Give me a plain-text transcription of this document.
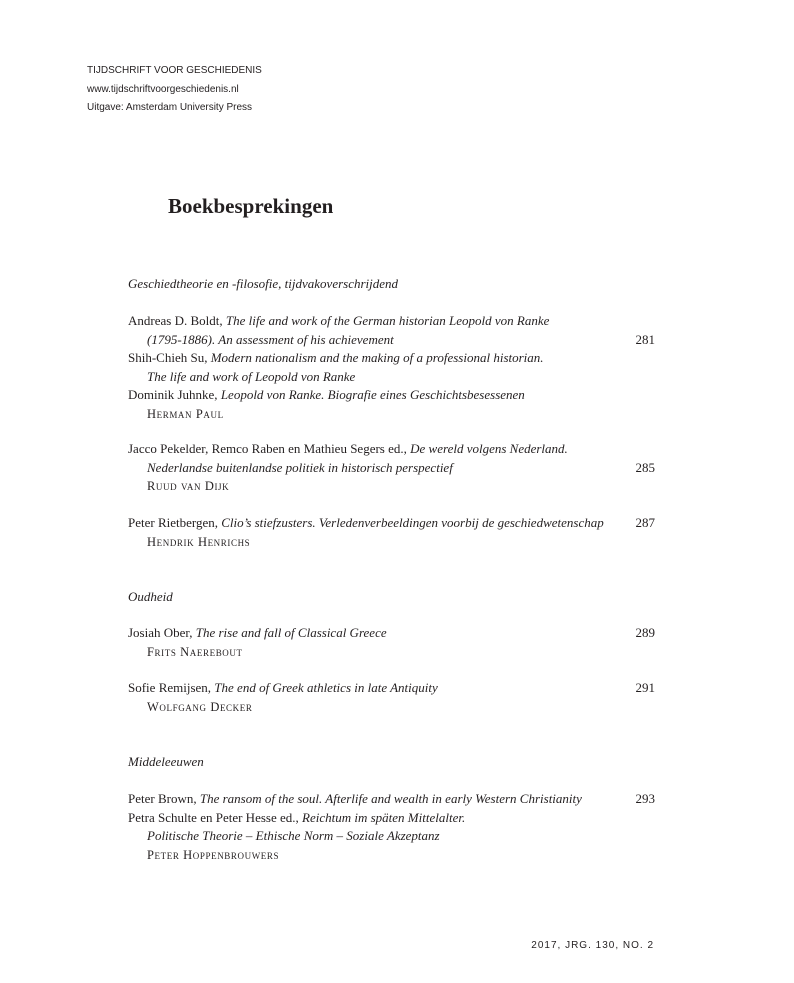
TIJDSCHRIFT VOOR GESCHIEDENIS
www.tijdschriftvoorgeschiedenis.nl
Uitgave: Amsterdam University Press
Boekbesprekingen
Geschiedtheorie en -filosofie, tijdvakoverschrijdend
Andreas D. Boldt, The life and work of the German historian Leopold von Ranke
(1795-1886). An assessment of his achievement	281
Shih-Chieh Su, Modern nationalism and the making of a professional historian.
The life and work of Leopold von Ranke
Dominik Juhnke, Leopold von Ranke. Biografie eines Geschichtsbesessenen
Herman Paul
Jacco Pekelder, Remco Raben en Mathieu Segers ed., De wereld volgens Nederland.
Nederlandse buitenlandse politiek in historisch perspectief	285
Ruud van Dijk
Peter Rietbergen, Clio’s stiefzusters. Verledenverbeeldingen voorbij de geschiedwetenschap 287
Hendrik Henrichs
Oudheid
Josiah Ober, The rise and fall of Classical Greece	289
Frits Naerebout
Sofie Remijsen, The end of Greek athletics in late Antiquity	291
Wolfgang Decker
Middeleeuwen
Peter Brown, The ransom of the soul. Afterlife and wealth in early Western Christianity	293
Petra Schulte en Peter Hesse ed., Reichtum im späten Mittelalter.
Politische Theorie – Ethische Norm – Soziale Akzeptanz
Peter Hoppenbrouwers
2017, JRG. 130, NO. 2
